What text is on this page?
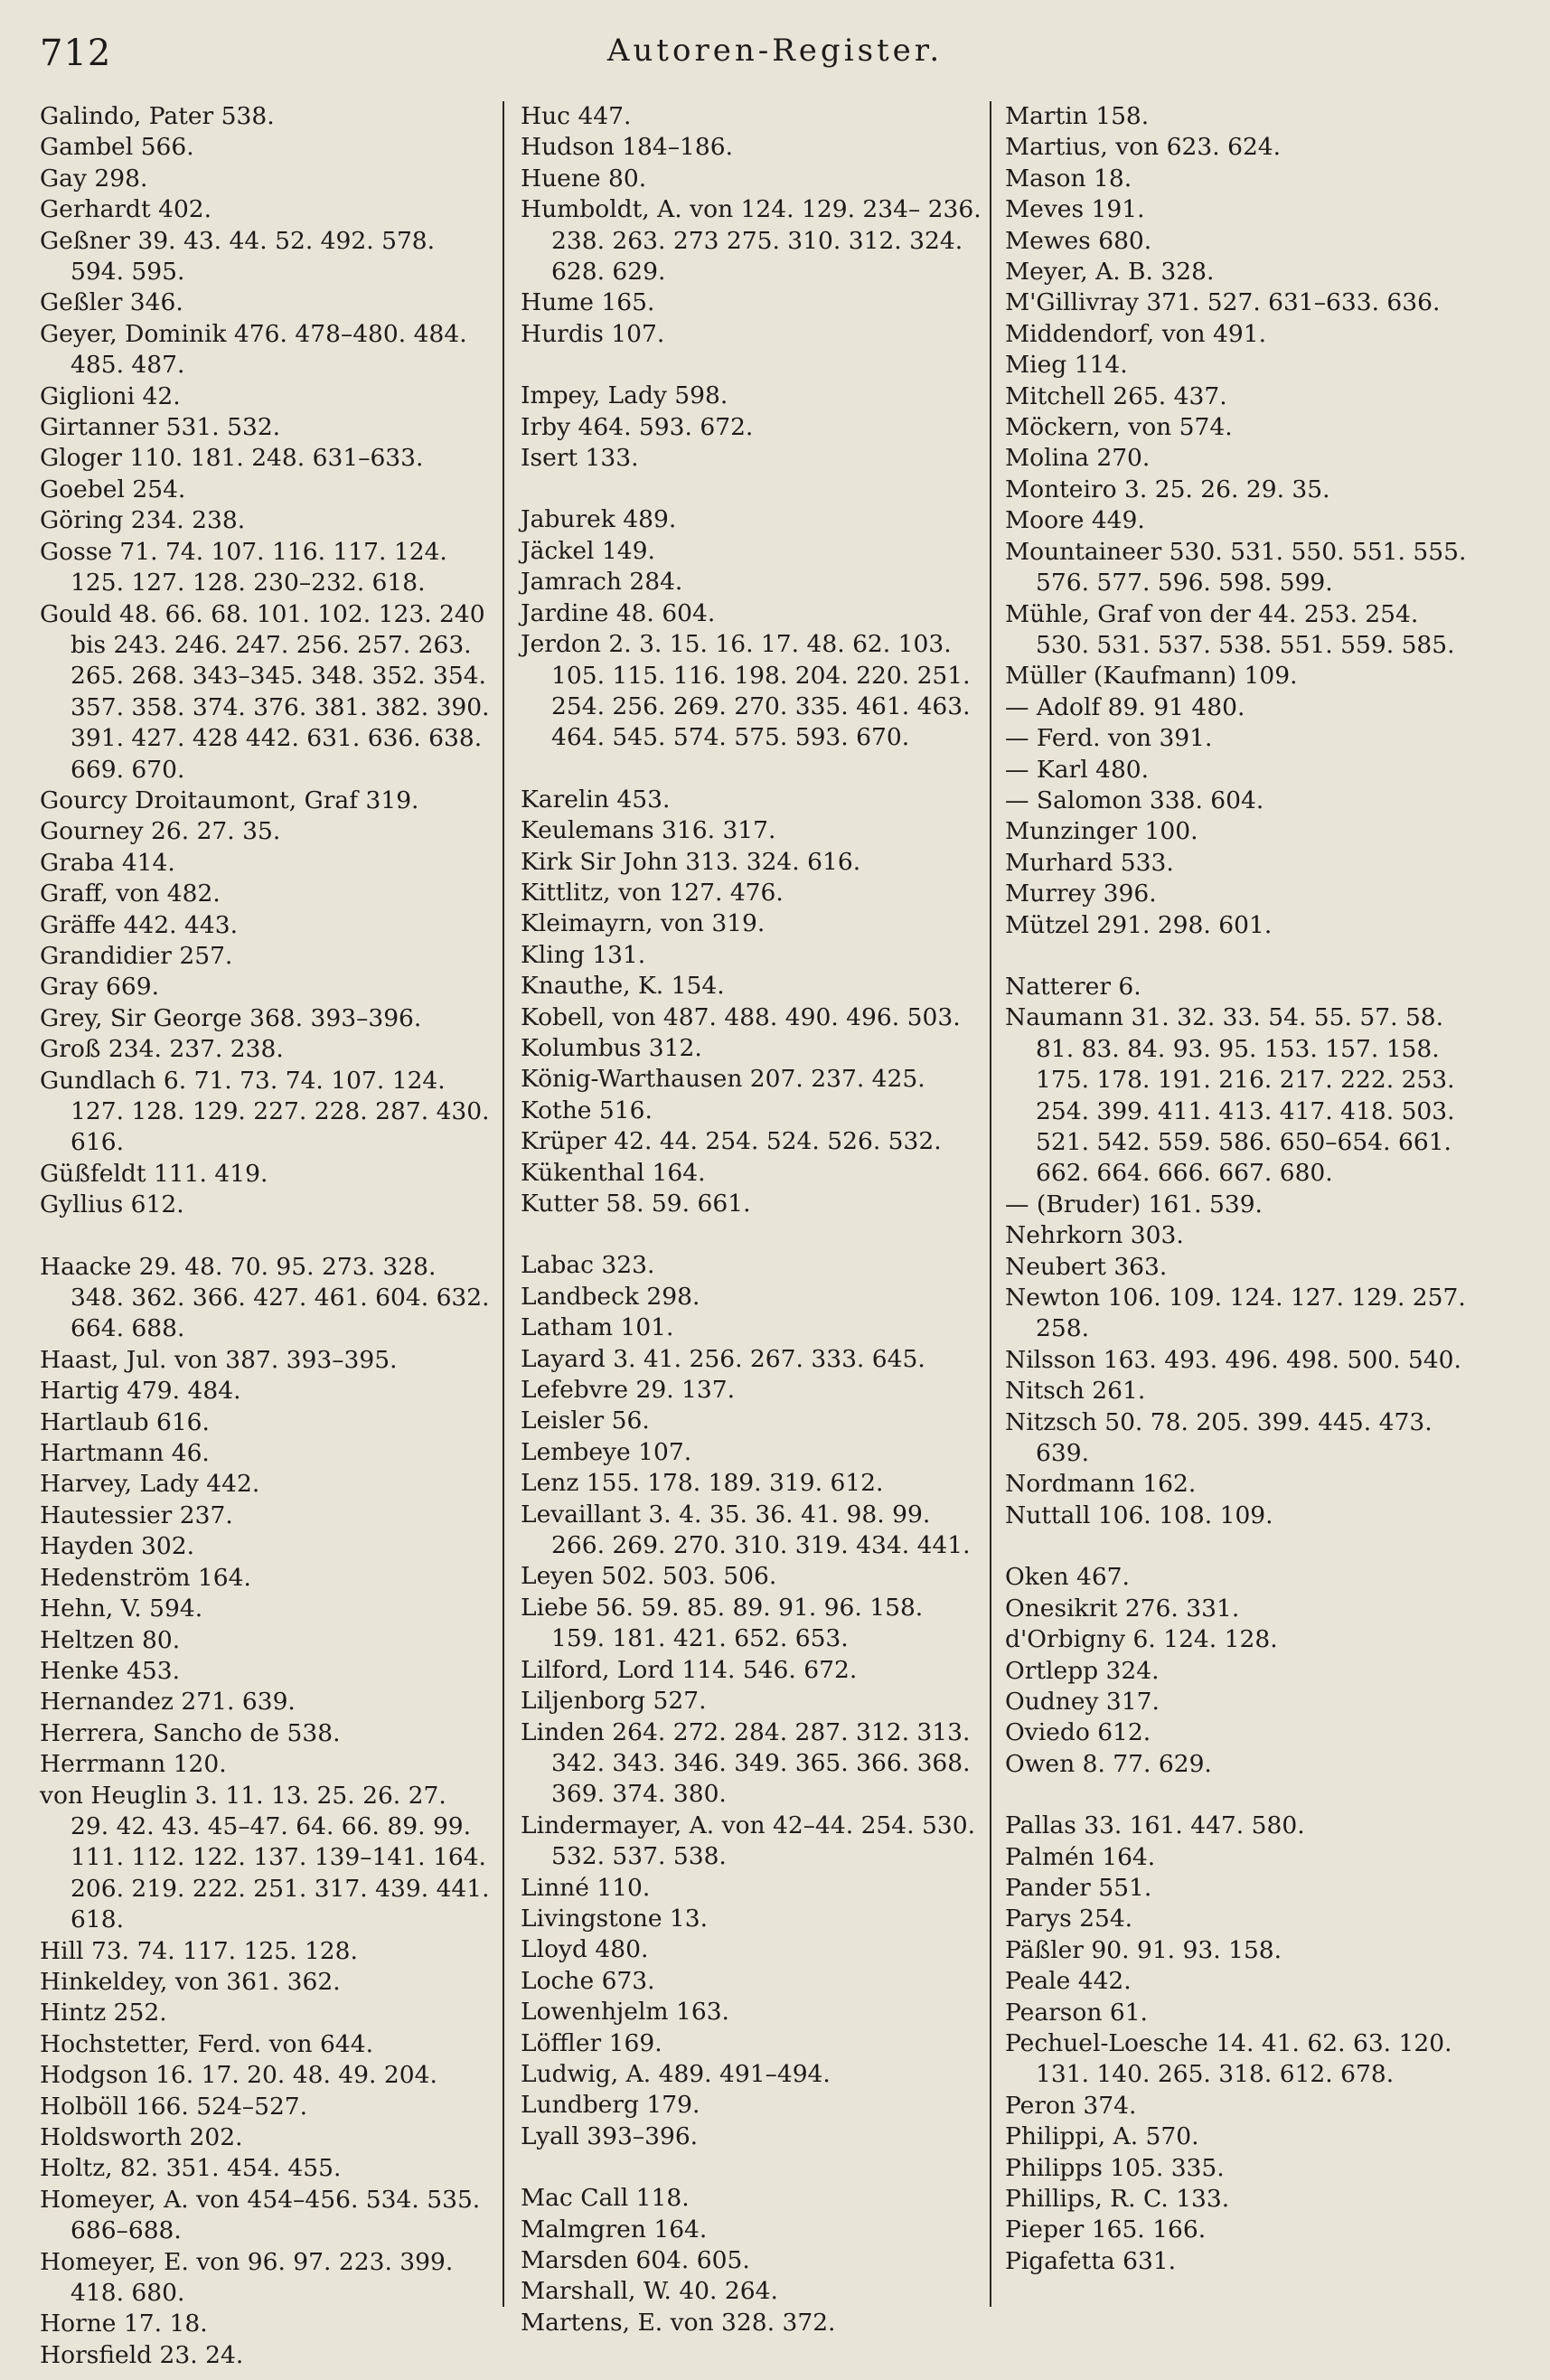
712	Autoren-Register.
Galindo, Pater 538.
Gambel 566.
Gay 298.
Gerhardt 402.
Geßner 39. 43. 44. 52. 492. 578. 594. 595.
Geßler 346.
Geyer, Dominik 476. 478–480. 484. 485. 487.
Giglioni 42.
Girtanner 531. 532.
Gloger 110. 181. 248. 631–633.
Goebel 254.
Göring 234. 238.
Gosse 71. 74. 107. 116. 117. 124. 125. 127. 128. 230–232. 618.
Gould 48. 66. 68. 101. 102. 123. 240 bis 243. 246. 247. 256. 257. 263. 265. 268. 343–345. 348. 352. 354. 357. 358. 374. 376. 381. 382. 390. 391. 427. 428 442. 631. 636. 638. 669. 670.
Gourcy Droitaumont, Graf 319.
Gourney 26. 27. 35.
Graba 414.
Graff, von 482.
Gräffe 442. 443.
Grandidier 257.
Gray 669.
Grey, Sir George 368. 393–396.
Groß 234. 237. 238.
Gundlach 6. 71. 73. 74. 107. 124. 127. 128. 129. 227. 228. 287. 430. 616.
Güßfeldt 111. 419.
Gyllius 612.
Haacke 29. 48. 70. 95. 273. 328. 348. 362. 366. 427. 461. 604. 632. 664. 688.
Haast, Jul. von 387. 393–395.
Hartig 479. 484.
Hartlaub 616.
Hartmann 46.
Harvey, Lady 442.
Hautessier 237.
Hayden 302.
Hedenström 164.
Hehn, V. 594.
Heltzen 80.
Henke 453.
Hernandez 271. 639.
Herrera, Sancho de 538.
Herrmann 120.
von Heuglin 3. 11. 13. 25. 26. 27. 29. 42. 43. 45–47. 64. 66. 89. 99. 111. 112. 122. 137. 139–141. 164. 206. 219. 222. 251. 317. 439. 441. 618.
Hill 73. 74. 117. 125. 128.
Hinkeldey, von 361. 362.
Hintz 252.
Hochstetter, Ferd. von 644.
Hodgson 16. 17. 20. 48. 49. 204.
Holböll 166. 524–527.
Holdsworth 202.
Holtz, 82. 351. 454. 455.
Homeyer, A. von 454–456. 534. 535. 686–688.
Homeyer, E. von 96. 97. 223. 399. 418. 680.
Horne 17. 18.
Horsfield 23. 24.
Huc 447.
Hudson 184–186.
Huene 80.
Humboldt, A. von 124. 129. 234– 236. 238. 263. 273 275. 310. 312. 324. 628. 629.
Hume 165.
Hurdis 107.
Impey, Lady 598.
Irby 464. 593. 672.
Isert 133.
Jaburek 489.
Jäckel 149.
Jamrach 284.
Jardine 48. 604.
Jerdon 2. 3. 15. 16. 17. 48. 62. 103. 105. 115. 116. 198. 204. 220. 251. 254. 256. 269. 270. 335. 461. 463. 464. 545. 574. 575. 593. 670.
Karelin 453.
Keulemans 316. 317.
Kirk Sir John 313. 324. 616.
Kittlitz, von 127. 476.
Kleimayrn, von 319.
Kling 131.
Knauthe, K. 154.
Kobell, von 487. 488. 490. 496. 503.
Kolumbus 312.
König-Warthausen 207. 237. 425.
Kothe 516.
Krüper 42. 44. 254. 524. 526. 532.
Kükenthal 164.
Kutter 58. 59. 661.
Labac 323.
Landbeck 298.
Latham 101.
Layard 3. 41. 256. 267. 333. 645.
Lefebvre 29. 137.
Leisler 56.
Lembeye 107.
Lenz 155. 178. 189. 319. 612.
Levaillant 3. 4. 35. 36. 41. 98. 99. 266. 269. 270. 310. 319. 434. 441.
Leyen 502. 503. 506.
Liebe 56. 59. 85. 89. 91. 96. 158. 159. 181. 421. 652. 653.
Lilford, Lord 114. 546. 672.
Liljenborg 527.
Linden 264. 272. 284. 287. 312. 313. 342. 343. 346. 349. 365. 366. 368. 369. 374. 380.
Lindermayer, A. von 42–44. 254. 530. 532. 537. 538.
Linné 110.
Livingstone 13.
Lloyd 480.
Loche 673.
Lowenhjelm 163.
Löffler 169.
Ludwig, A. 489. 491–494.
Lundberg 179.
Lyall 393–396.
Mac Call 118.
Malmgren 164.
Marsden 604. 605.
Marshall, W. 40. 264.
Martens, E. von 328. 372.
Martin 158.
Martius, von 623. 624.
Mason 18.
Meves 191.
Mewes 680.
Meyer, A. B. 328.
M'Gillivray 371. 527. 631–633. 636.
Middendorf, von 491.
Mieg 114.
Mitchell 265. 437.
Möckern, von 574.
Molina 270.
Monteiro 3. 25. 26. 29. 35.
Moore 449.
Mountaineer 530. 531. 550. 551. 555. 576. 577. 596. 598. 599.
Mühle, Graf von der 44. 253. 254. 530. 531. 537. 538. 551. 559. 585.
Müller (Kaufmann) 109.
— Adolf 89. 91 480.
— Ferd. von 391.
— Karl 480.
— Salomon 338. 604.
Munzinger 100.
Murhard 533.
Murrey 396.
Mützel 291. 298. 601.
Natterer 6.
Naumann 31. 32. 33. 54. 55. 57. 58. 81. 83. 84. 93. 95. 153. 157. 158. 175. 178. 191. 216. 217. 222. 253. 254. 399. 411. 413. 417. 418. 503. 521. 542. 559. 586. 650–654. 661. 662. 664. 666. 667. 680.
— (Bruder) 161. 539.
Nehrkorn 303.
Neubert 363.
Newton 106. 109. 124. 127. 129. 257. 258.
Nilsson 163. 493. 496. 498. 500. 540.
Nitsch 261.
Nitzsch 50. 78. 205. 399. 445. 473. 639.
Nordmann 162.
Nuttall 106. 108. 109.
Oken 467.
Onesikrit 276. 331.
d'Orbigny 6. 124. 128.
Ortlepp 324.
Oudney 317.
Oviedo 612.
Owen 8. 77. 629.
Pallas 33. 161. 447. 580.
Palmén 164.
Pander 551.
Parys 254.
Päßler 90. 91. 93. 158.
Peale 442.
Pearson 61.
Pechuel-Loesche 14. 41. 62. 63. 120. 131. 140. 265. 318. 612. 678.
Peron 374.
Philippi, A. 570.
Philipps 105. 335.
Phillips, R. C. 133.
Pieper 165. 166.
Pigafetta 631.
